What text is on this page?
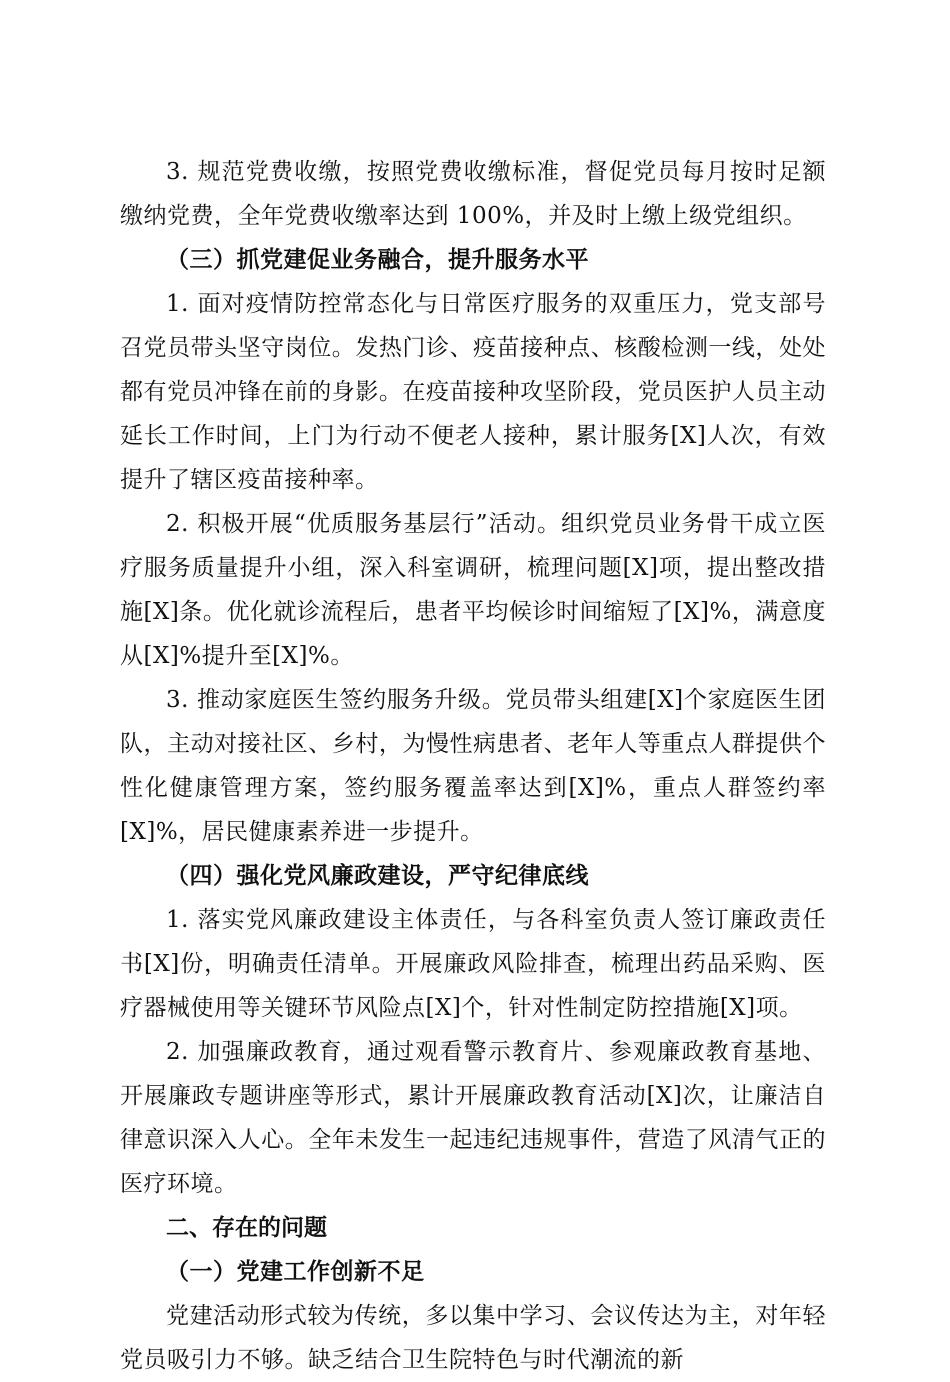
3. 规范党费收缴，按照党费收缴标准，督促党员每月按时足额缴纳党费，全年党费收缴率达到 100%，并及时上缴上级党组织。

（三）抓党建促业务融合，提升服务水平

1. 面对疫情防控常态化与日常医疗服务的双重压力，党支部号召党员带头坚守岗位。发热门诊、疫苗接种点、核酸检测一线，处处都有党员冲锋在前的身影。在疫苗接种攻坚阶段，党员医护人员主动延长工作时间，上门为行动不便老人接种，累计服务[X]人次，有效提升了辖区疫苗接种率。

2. 积极开展“优质服务基层行”活动。组织党员业务骨干成立医疗服务质量提升小组，深入科室调研，梳理问题[X]项，提出整改措施[X]条。优化就诊流程后，患者平均候诊时间缩短了[X]%，满意度从[X]%提升至[X]%。

3. 推动家庭医生签约服务升级。党员带头组建[X]个家庭医生团队，主动对接社区、乡村，为慢性病患者、老年人等重点人群提供个性化健康管理方案，签约服务覆盖率达到[X]%，重点人群签约率[X]%，居民健康素养进一步提升。

（四）强化党风廉政建设，严守纪律底线

1. 落实党风廉政建设主体责任，与各科室负责人签订廉政责任书[X]份，明确责任清单。开展廉政风险排查，梳理出药品采购、医疗器械使用等关键环节风险点[X]个，针对性制定防控措施[X]项。

2. 加强廉政教育，通过观看警示教育片、参观廉政教育基地、开展廉政专题讲座等形式，累计开展廉政教育活动[X]次，让廉洁自律意识深入人心。全年未发生一起违纪违规事件，营造了风清气正的医疗环境。

二、存在的问题

（一）党建工作创新不足

党建活动形式较为传统，多以集中学习、会议传达为主，对年轻党员吸引力不够。缺乏结合卫生院特色与时代潮流的新
